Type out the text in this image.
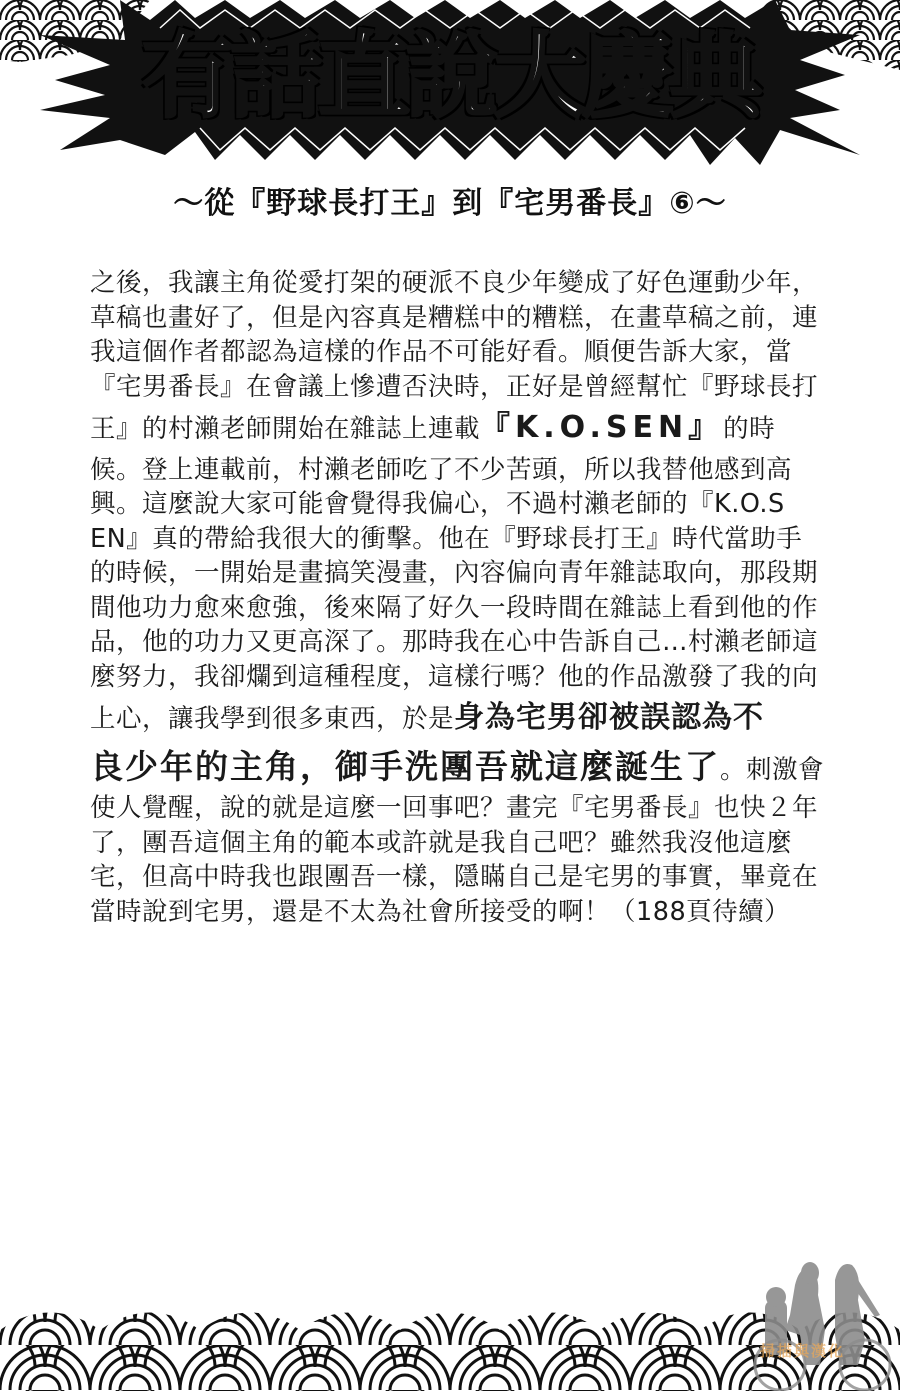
有話直說大慶典
～從『野球長打王』到『宅男番長』⑥～
之後，我讓主角從愛打架的硬派不良少年變成了好色運動少年，
草稿也畫好了，但是內容真是糟糕中的糟糕，在畫草稿之前，連
我這個作者都認為這樣的作品不可能好看。順便告訴大家，當
『宅男番長』在會議上慘遭否決時，正好是曾經幫忙『野球長打
王』的村瀨老師開始在雜誌上連載『K.O.SEN』的時
候。登上連載前，村瀨老師吃了不少苦頭，所以我替他感到高
興。這麼說大家可能會覺得我偏心，不過村瀨老師的『K.O.S
EN』真的帶給我很大的衝擊。他在『野球長打王』時代當助手
的時候，一開始是畫搞笑漫畫，內容偏向青年雜誌取向，那段期
間他功力愈來愈強，後來隔了好久一段時間在雜誌上看到他的作
品，他的功力又更高深了。那時我在心中告訴自己…村瀨老師這
麼努力，我卻爛到這種程度，這樣行嗎？他的作品激發了我的向
上心，讓我學到很多東西，於是身為宅男卻被誤認為不
良少年的主角，御手洗團吾就這麼誕生了。刺激會
使人覺醒，說的就是這麼一回事吧？畫完『宅男番長』也快２年
了，團吾這個主角的範本或許就是我自己吧？雖然我沒他這麼
宅，但高中時我也跟團吾一樣，隱瞞自己是宅男的事實，畢竟在
當時說到宅男，還是不太為社會所接受的啊！（188頁待續）
掃描與漢化
